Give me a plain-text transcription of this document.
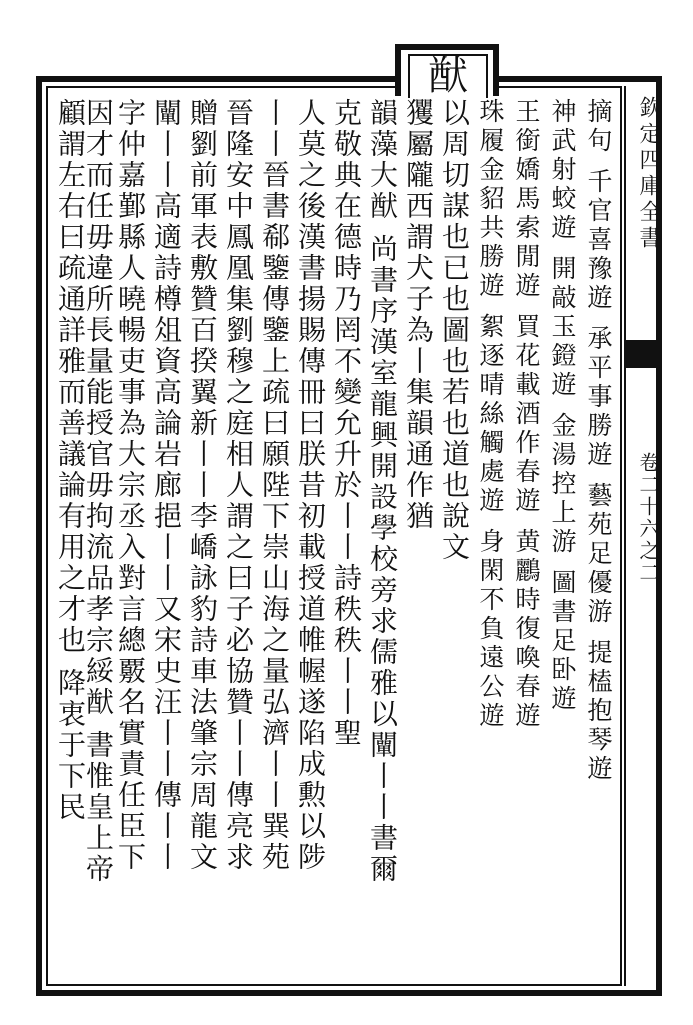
猷
欽定四庫全書
卷二十六之二
摘句 千官喜豫遊 承平事勝遊 藝苑足優游 提榼抱琴遊
神武射蛟遊 開敲玉鐙遊 金湯控上游 圖書足卧遊
王銜嬌馬索閒遊 買花載酒作春遊 黄鸝時復喚春遊
珠履金貂共勝遊 絮逐晴絲觸處遊 身閑不負遠公遊
以周切謀也已也圖也若也道也說文
玃屬隴西謂犬子為丨集韻通作猶
韻藻大猷 尚書序漢室龍興開設學校旁求儒雅以闡丨丨書爾
克敬典在德時乃罔不變允升於丨丨詩秩秩丨丨聖
人莫之後漢書揚賜傳冊曰朕昔初載授道帷幄遂陷成勲以陟
丨丨晉書郗鑒傳鑒上疏曰願陛下崇山海之量弘濟丨丨巽苑
晉隆安中鳳凰集劉穆之庭相人謂之曰子必協贊丨丨傳亮求
贈劉前軍表敷贊百揆翼新丨丨李嶠詠豹詩車法肇宗周龍文
闡丨丨高適詩樽俎資高論岩廊挹丨丨又宋史汪丨丨傳丨丨
字仲嘉鄞縣人曉暢吏事為大宗丞入對言總覈名實責任臣下
因才而任毋違所長量能授官毋拘流品孝宗綏猷 書惟皇上帝
顧謂左右曰疏通詳雅而善議論有用之才也 降衷于下民
